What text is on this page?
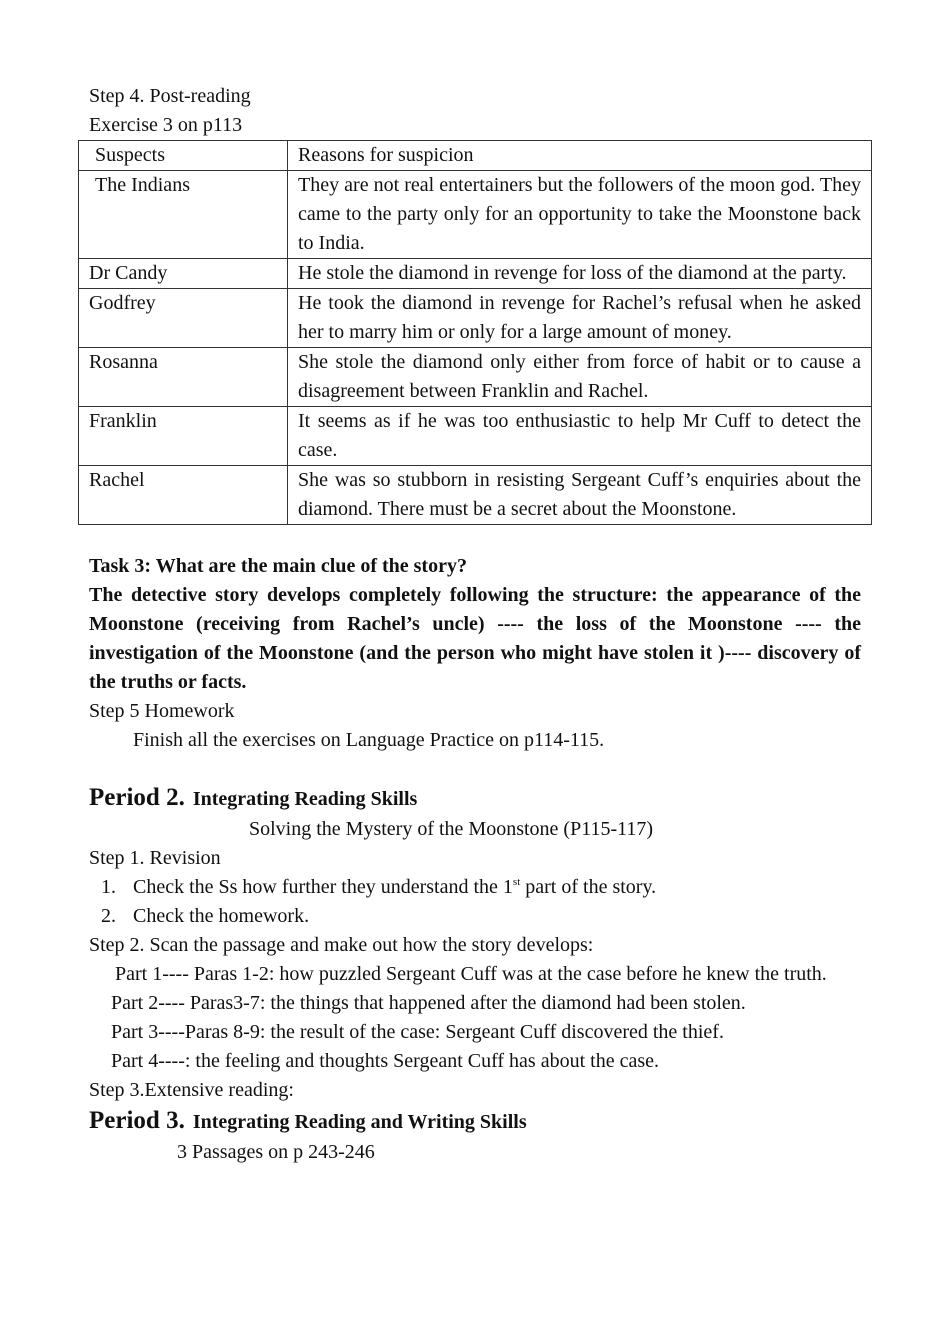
Step 4. Post-reading

Exercise 3 on p113

Suspects	Reasons for suspicion
The Indians	They are not real entertainers but the followers of the moon god. They came to the party only for an opportunity to take the Moonstone back to India.
Dr Candy	He stole the diamond in revenge for loss of the diamond at the party.
Godfrey	He took the diamond in revenge for Rachel’s refusal when he asked her to marry him or only for a large amount of money.
Rosanna	She stole the diamond only either from force of habit or to cause a disagreement between Franklin and Rachel.
Franklin	It seems as if he was too enthusiastic to help Mr Cuff to detect the case.
Rachel	She was so stubborn in resisting Sergeant Cuff’s enquiries about the diamond. There must be a secret about the Moonstone.

Task 3: What are the main clue of the story?

The detective story develops completely following the structure: the appearance of the Moonstone (receiving from Rachel’s uncle) ---- the loss of the Moonstone ---- the investigation of the Moonstone (and the person who might have stolen it )---- discovery of the truths or facts.

Step 5 Homework

Finish all the exercises on Language Practice on p114-115.

Period 2. Integrating Reading Skills

Solving the Mystery of the Moonstone (P115-117)

Step 1. Revision

1. Check the Ss how further they understand the 1st part of the story.
2. Check the homework.

Step 2. Scan the passage and make out how the story develops:

Part 1---- Paras 1-2: how puzzled Sergeant Cuff was at the case before he knew the truth.

Part 2---- Paras3-7: the things that happened after the diamond had been stolen.

Part 3----Paras 8-9: the result of the case: Sergeant Cuff discovered the thief.

Part 4----: the feeling and thoughts Sergeant Cuff has about the case.

Step 3.Extensive reading:

Period 3. Integrating Reading and Writing Skills

3 Passages on p 243-246
